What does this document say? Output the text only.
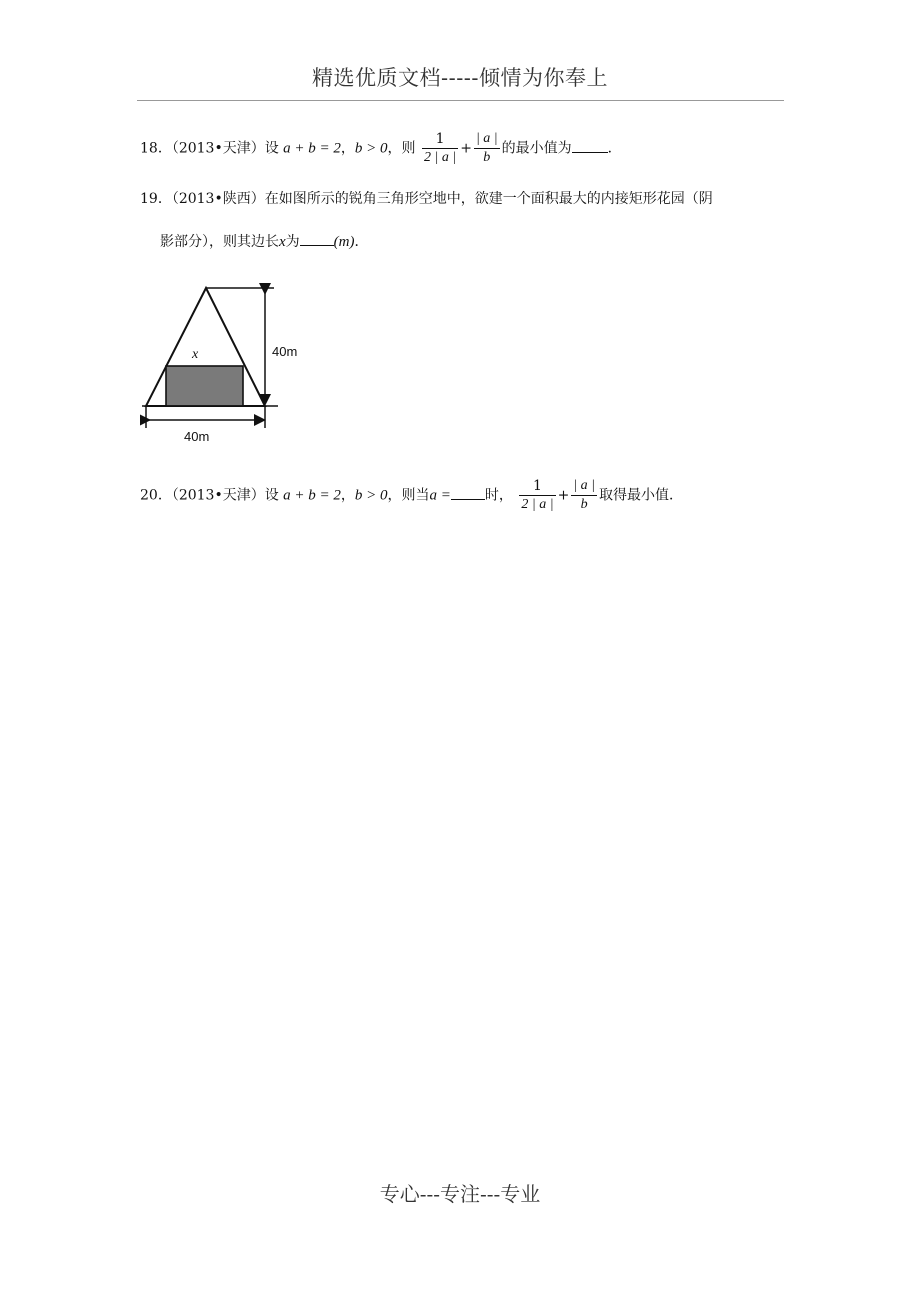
精选优质文档-----倾情为你奉上
18．（2013•天津）设 a + b = 2，b > 0，则 $\frac{1}{2 | a |} + \frac{| a |}{b}$ 的最小值为	．
19．（2013•陕西）在如图所示的锐角三角形空地中，欲建一个面积最大的内接矩形花园（阴
影部分），则其边长x为 (m)．
x	40m
40m
20．（2013•天津）设 a + b = 2，b > 0，则当a = 时， $\frac{1}{2 | a |} + \frac{| a |}{b}$ 取得最小值．
专心---专注---专业
